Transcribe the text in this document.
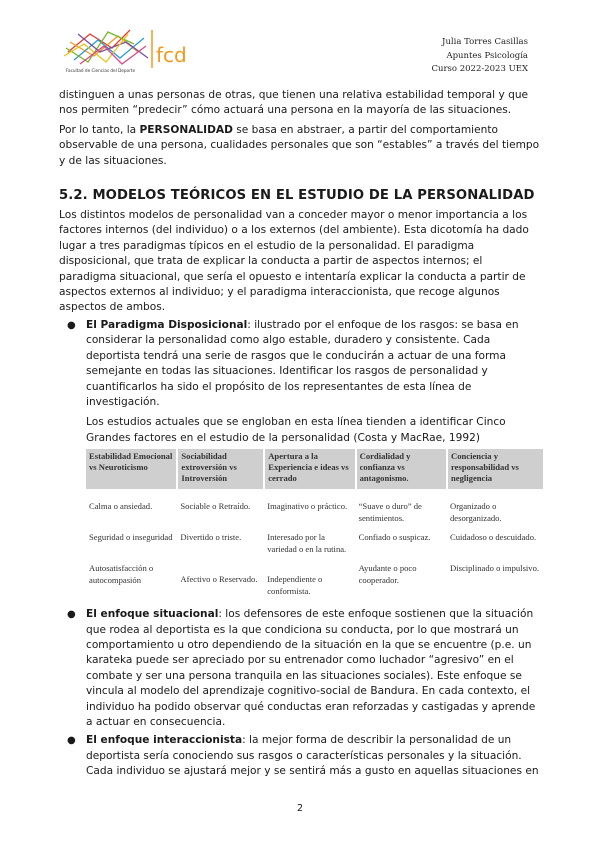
fcd
Facultad de Ciencias del Deporte
Julia Torres Casillas
Apuntes Psicología
Curso 2022-2023 UEX

distinguen a unas personas de otras, que tienen una relativa estabilidad temporal y que nos permiten “predecir” cómo actuará una persona en la mayoría de las situaciones.

Por lo tanto, la PERSONALIDAD se basa en abstraer, a partir del comportamiento observable de una persona, cualidades personales que son “estables” a través del tiempo y de las situaciones.

5.2. MODELOS TEÓRICOS EN EL ESTUDIO DE LA PERSONALIDAD

Los distintos modelos de personalidad van a conceder mayor o menor importancia a los factores internos (del individuo) o a los externos (del ambiente). Esta dicotomía ha dado lugar a tres paradigmas típicos en el estudio de la personalidad. El paradigma disposicional, que trata de explicar la conducta a partir de aspectos internos; el paradigma situacional, que sería el opuesto e intentaría explicar la conducta a partir de aspectos externos al individuo; y el paradigma interaccionista, que recoge algunos aspectos de ambos.

● El Paradigma Disposicional: ilustrado por el enfoque de los rasgos: se basa en considerar la personalidad como algo estable, duradero y consistente. Cada deportista tendrá una serie de rasgos que le conducirán a actuar de una forma semejante en todas las situaciones. Identificar los rasgos de personalidad y cuantificarlos ha sido el propósito de los representantes de esta línea de investigación.

Los estudios actuales que se engloban en esta línea tienden a identificar Cinco Grandes factores en el estudio de la personalidad (Costa y MacRae, 1992)

Estabilidad Emocional vs Neuroticismo	Sociabilidad extroversión vs Introversión	Apertura a la Experiencia e ideas vs cerrado	Cordialidad y confianza vs antagonismo.	Conciencia y responsabilidad vs negligencia
Calma o ansiedad.	Sociable o Retraído.	Imaginativo o práctico.	“Suave o duro” de sentimientos.	Organizado o desorganizado.
Seguridad o inseguridad	Divertido o triste.	Interesado por la variedad o en la rutina.	Confiado o suspicaz.	Cuidadoso o descuidado.
Autosatisfacción o autocompasión	Afectivo o Reservado.	Independiente o conformista.	Ayudante o poco cooperador.	Disciplinado o impulsivo.
● El enfoque situacional: los defensores de este enfoque sostienen que la situación que rodea al deportista es la que condiciona su conducta, por lo que mostrará un comportamiento u otro dependiendo de la situación en la que se encuentre (p.e. un karateka puede ser apreciado por su entrenador como luchador “agresivo” en el combate y ser una persona tranquila en las situaciones sociales). Este enfoque se vincula al modelo del aprendizaje cognitivo-social de Bandura. En cada contexto, el individuo ha podido observar qué conductas eran reforzadas y castigadas y aprende a actuar en consecuencia.
● El enfoque interaccionista: la mejor forma de describir la personalidad de un deportista sería conociendo sus rasgos o características personales y la situación. Cada individuo se ajustará mejor y se sentirá más a gusto en aquellas situaciones en
2
